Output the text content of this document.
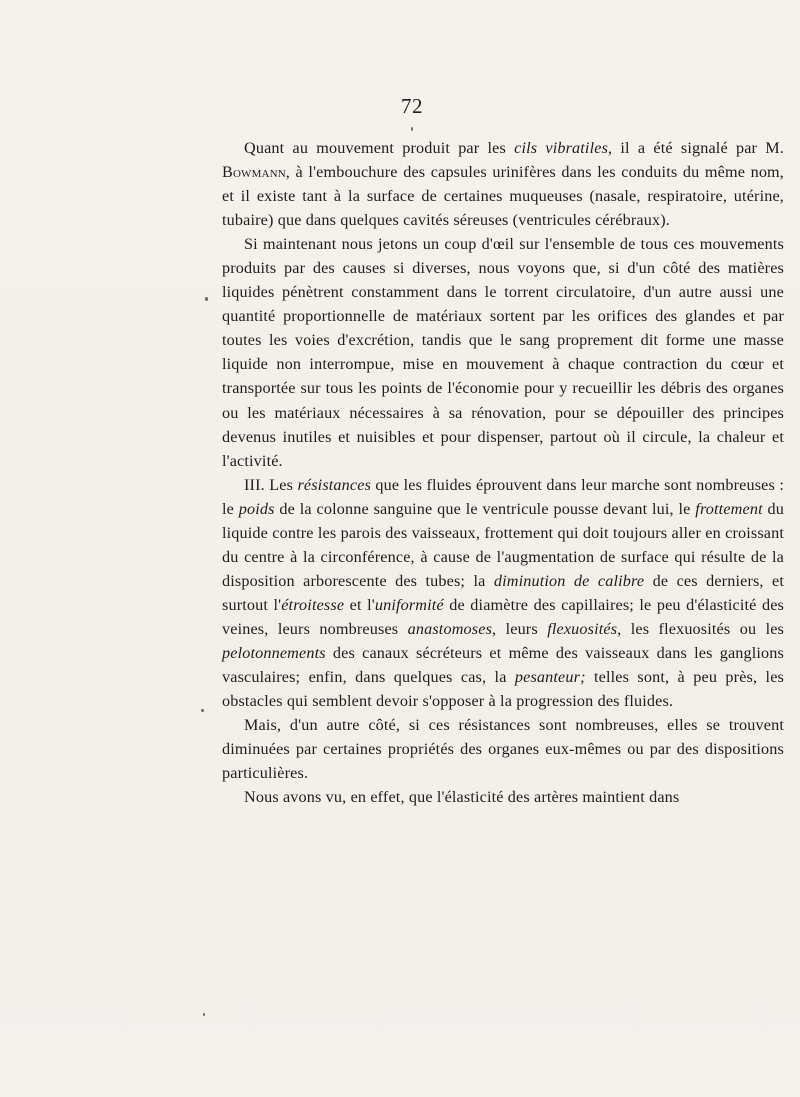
72

Quant au mouvement produit par les cils vibratiles, il a été signalé par M. Bowmann, à l'embouchure des capsules urinifères dans les conduits du même nom, et il existe tant à la surface de certaines muqueuses (nasale, respiratoire, utérine, tubaire) que dans quelques cavités séreuses (ventricules cérébraux).

Si maintenant nous jetons un coup d'œil sur l'ensemble de tous ces mouvements produits par des causes si diverses, nous voyons que, si d'un côté des matières liquides pénètrent constamment dans le torrent circulatoire, d'un autre aussi une quantité proportionnelle de matériaux sortent par les orifices des glandes et par toutes les voies d'excrétion, tandis que le sang proprement dit forme une masse liquide non interrompue, mise en mouvement à chaque contraction du cœur et transportée sur tous les points de l'économie pour y recueillir les débris des organes ou les matériaux nécessaires à sa rénovation, pour se dépouiller des principes devenus inutiles et nuisibles et pour dispenser, partout où il circule, la chaleur et l'activité.

III. Les résistances que les fluides éprouvent dans leur marche sont nombreuses : le poids de la colonne sanguine que le ventricule pousse devant lui, le frottement du liquide contre les parois des vaisseaux, frottement qui doit toujours aller en croissant du centre à la circonférence, à cause de l'augmentation de surface qui résulte de la disposition arborescente des tubes; la diminution de calibre de ces derniers, et surtout l'étroitesse et l'uniformité de diamètre des capillaires; le peu d'élasticité des veines, leurs nombreuses anastomoses, leurs flexuosités, les flexuosités ou les pelotonnements des canaux sécréteurs et même des vaisseaux dans les ganglions vasculaires; enfin, dans quelques cas, la pesanteur; telles sont, à peu près, les obstacles qui semblent devoir s'opposer à la progression des fluides.

Mais, d'un autre côté, si ces résistances sont nombreuses, elles se trouvent diminuées par certaines propriétés des organes eux-mêmes ou par des dispositions particulières.

Nous avons vu, en effet, que l'élasticité des artères maintient dans
